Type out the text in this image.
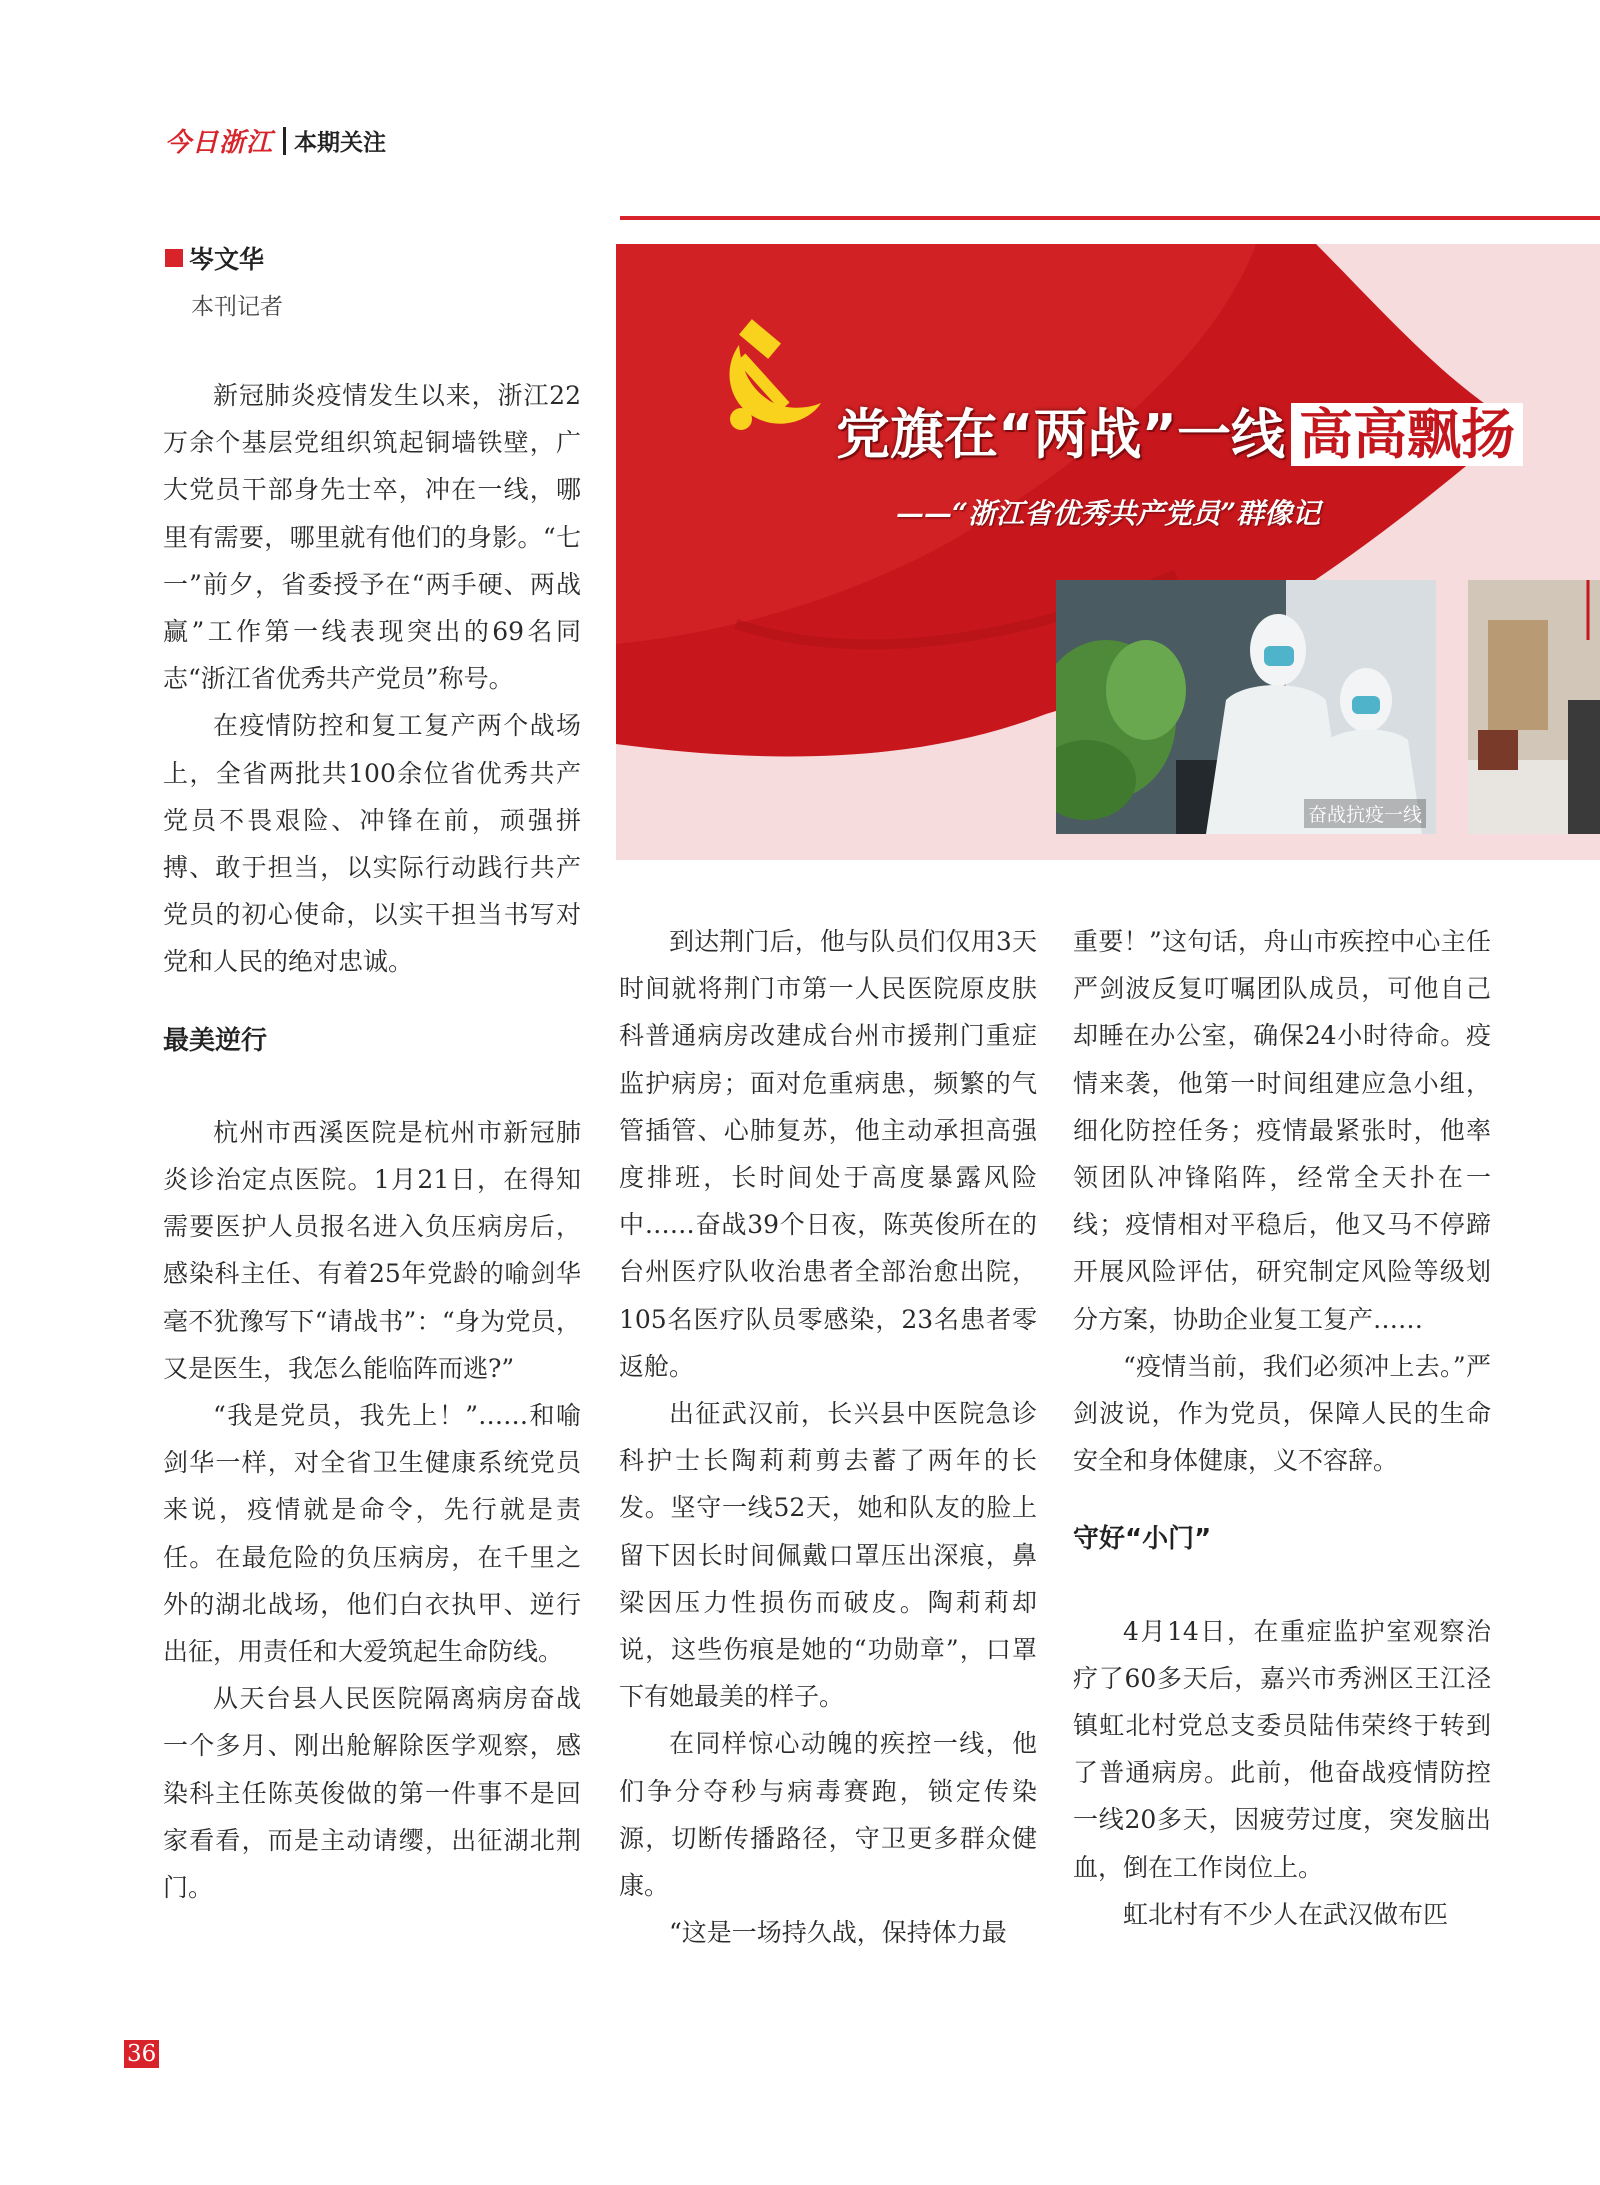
今日浙江 本期关注
岑文华
本刊记者
党旗在“两战”一线 高高飘扬
——“浙江省优秀共产党员”群像记
奋战抗疫一线

新冠肺炎疫情发生以来，浙江22万余个基层党组织筑起铜墙铁壁，广大党员干部身先士卒，冲在一线，哪里有需要，哪里就有他们的身影。“七一”前夕，省委授予在“两手硬、两战赢”工作第一线表现突出的69名同志“浙江省优秀共产党员”称号。

在疫情防控和复工复产两个战场上，全省两批共100余位省优秀共产党员不畏艰险、冲锋在前，顽强拼搏、敢于担当，以实际行动践行共产党员的初心使命，以实干担当书写对党和人民的绝对忠诚。

最美逆行

杭州市西溪医院是杭州市新冠肺炎诊治定点医院。1月21日，在得知需要医护人员报名进入负压病房后，感染科主任、有着25年党龄的喻剑华毫不犹豫写下“请战书”：“身为党员，又是医生，我怎么能临阵而逃?”

“我是党员，我先上！”……和喻剑华一样，对全省卫生健康系统党员来说，疫情就是命令，先行就是责任。在最危险的负压病房，在千里之外的湖北战场，他们白衣执甲、逆行出征，用责任和大爱筑起生命防线。

从天台县人民医院隔离病房奋战一个多月、刚出舱解除医学观察，感染科主任陈英俊做的第一件事不是回家看看，而是主动请缨，出征湖北荆门。

到达荆门后，他与队员们仅用3天时间就将荆门市第一人民医院原皮肤科普通病房改建成台州市援荆门重症监护病房；面对危重病患，频繁的气管插管、心肺复苏，他主动承担高强度排班，长时间处于高度暴露风险中……奋战39个日夜，陈英俊所在的台州医疗队收治患者全部治愈出院，105名医疗队员零感染，23名患者零返舱。

出征武汉前，长兴县中医院急诊科护士长陶莉莉剪去蓄了两年的长发。坚守一线52天，她和队友的脸上留下因长时间佩戴口罩压出深痕，鼻梁因压力性损伤而破皮。陶莉莉却说，这些伤痕是她的“功勋章”，口罩下有她最美的样子。

在同样惊心动魄的疾控一线，他们争分夺秒与病毒赛跑，锁定传染源，切断传播路径，守卫更多群众健康。

“这是一场持久战，保持体力最

重要！”这句话，舟山市疾控中心主任严剑波反复叮嘱团队成员，可他自己却睡在办公室，确保24小时待命。疫情来袭，他第一时间组建应急小组，细化防控任务；疫情最紧张时，他率领团队冲锋陷阵，经常全天扑在一线；疫情相对平稳后，他又马不停蹄开展风险评估，研究制定风险等级划分方案，协助企业复工复产……

“疫情当前，我们必须冲上去。”严剑波说，作为党员，保障人民的生命安全和身体健康，义不容辞。

守好“小门”

4月14日，在重症监护室观察治疗了60多天后，嘉兴市秀洲区王江泾镇虹北村党总支委员陆伟荣终于转到了普通病房。此前，他奋战疫情防控一线20多天，因疲劳过度，突发脑出血，倒在工作岗位上。

虹北村有不少人在武汉做布匹

36
